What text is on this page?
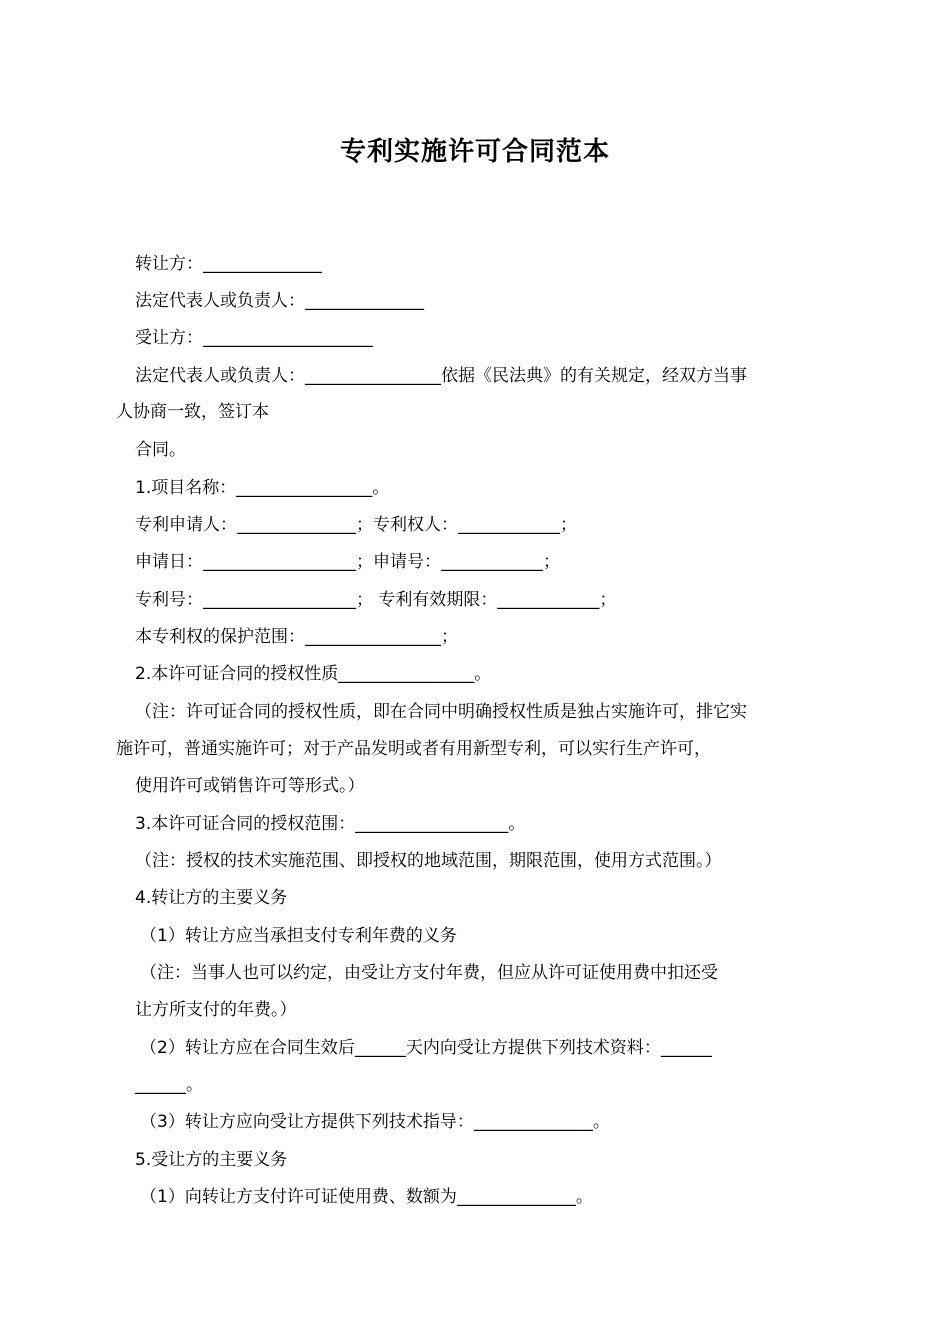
专利实施许可合同范本
转让方：______________
法定代表人或负责人：______________
受让方：____________________
法定代表人或负责人：________________依据《民法典》的有关规定，经双方当事
人协商一致，签订本
合同。
1.项目名称：________________。
专利申请人：______________；专利权人：____________；
申请日：__________________；申请号：____________；
专利号：__________________； 专利有效期限：____________；
本专利权的保护范围：________________；
2.本许可证合同的授权性质________________。
（注：许可证合同的授权性质，即在合同中明确授权性质是独占实施许可，排它实
施许可，普通实施许可；对于产品发明或者有用新型专利，可以实行生产许可，
使用许可或销售许可等形式。）
3.本许可证合同的授权范围：__________________。
（注：授权的技术实施范围、即授权的地域范围，期限范围，使用方式范围。）
4.转让方的主要义务
（1）转让方应当承担支付专利年费的义务
（注：当事人也可以约定，由受让方支付年费，但应从许可证使用费中扣还受
让方所支付的年费。）
（2）转让方应在合同生效后______天内向受让方提供下列技术资料：______
______。
（3）转让方应向受让方提供下列技术指导：______________。
5.受让方的主要义务
（1）向转让方支付许可证使用费、数额为______________。
